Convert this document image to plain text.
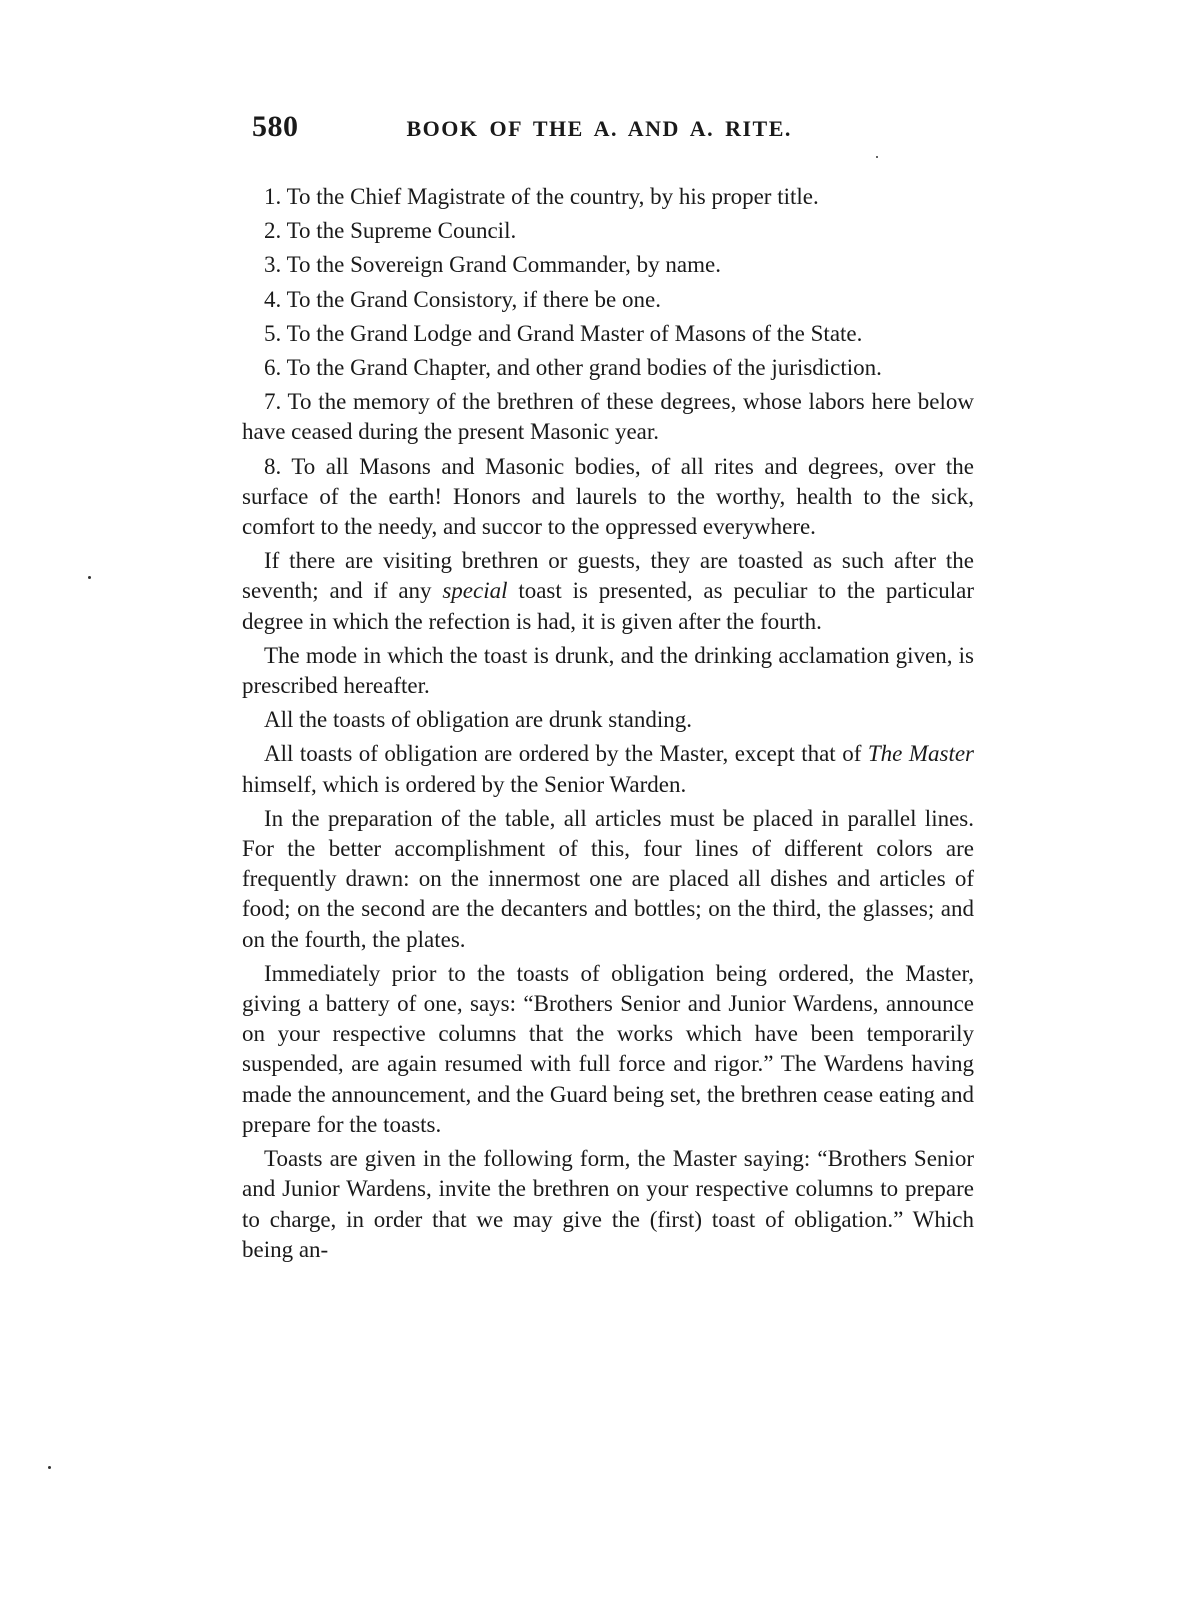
580	BOOK OF THE A. AND A. RITE.

1. To the Chief Magistrate of the country, by his proper title.

2. To the Supreme Council.

3. To the Sovereign Grand Commander, by name.

4. To the Grand Consistory, if there be one.

5. To the Grand Lodge and Grand Master of Masons of the State.

6. To the Grand Chapter, and other grand bodies of the jurisdiction.

7. To the memory of the brethren of these degrees, whose labors here below have ceased during the present Masonic year.

8. To all Masons and Masonic bodies, of all rites and degrees, over the surface of the earth! Honors and laurels to the worthy, health to the sick, comfort to the needy, and succor to the oppressed everywhere.

If there are visiting brethren or guests, they are toasted as such after the seventh; and if any special toast is presented, as peculiar to the particular degree in which the refection is had, it is given after the fourth.

The mode in which the toast is drunk, and the drinking acclamation given, is prescribed hereafter.

All the toasts of obligation are drunk standing.

All toasts of obligation are ordered by the Master, except that of The Master himself, which is ordered by the Senior Warden.

In the preparation of the table, all articles must be placed in parallel lines. For the better accomplishment of this, four lines of different colors are frequently drawn: on the innermost one are placed all dishes and articles of food; on the second are the decanters and bottles; on the third, the glasses; and on the fourth, the plates.

Immediately prior to the toasts of obligation being ordered, the Master, giving a battery of one, says: “Brothers Senior and Junior Wardens, announce on your respective columns that the works which have been temporarily suspended, are again resumed with full force and rigor.” The Wardens having made the announcement, and the Guard being set, the brethren cease eating and prepare for the toasts.

Toasts are given in the following form, the Master saying: “Brothers Senior and Junior Wardens, invite the brethren on your respective columns to prepare to charge, in order that we may give the (first) toast of obligation.” Which being an-
